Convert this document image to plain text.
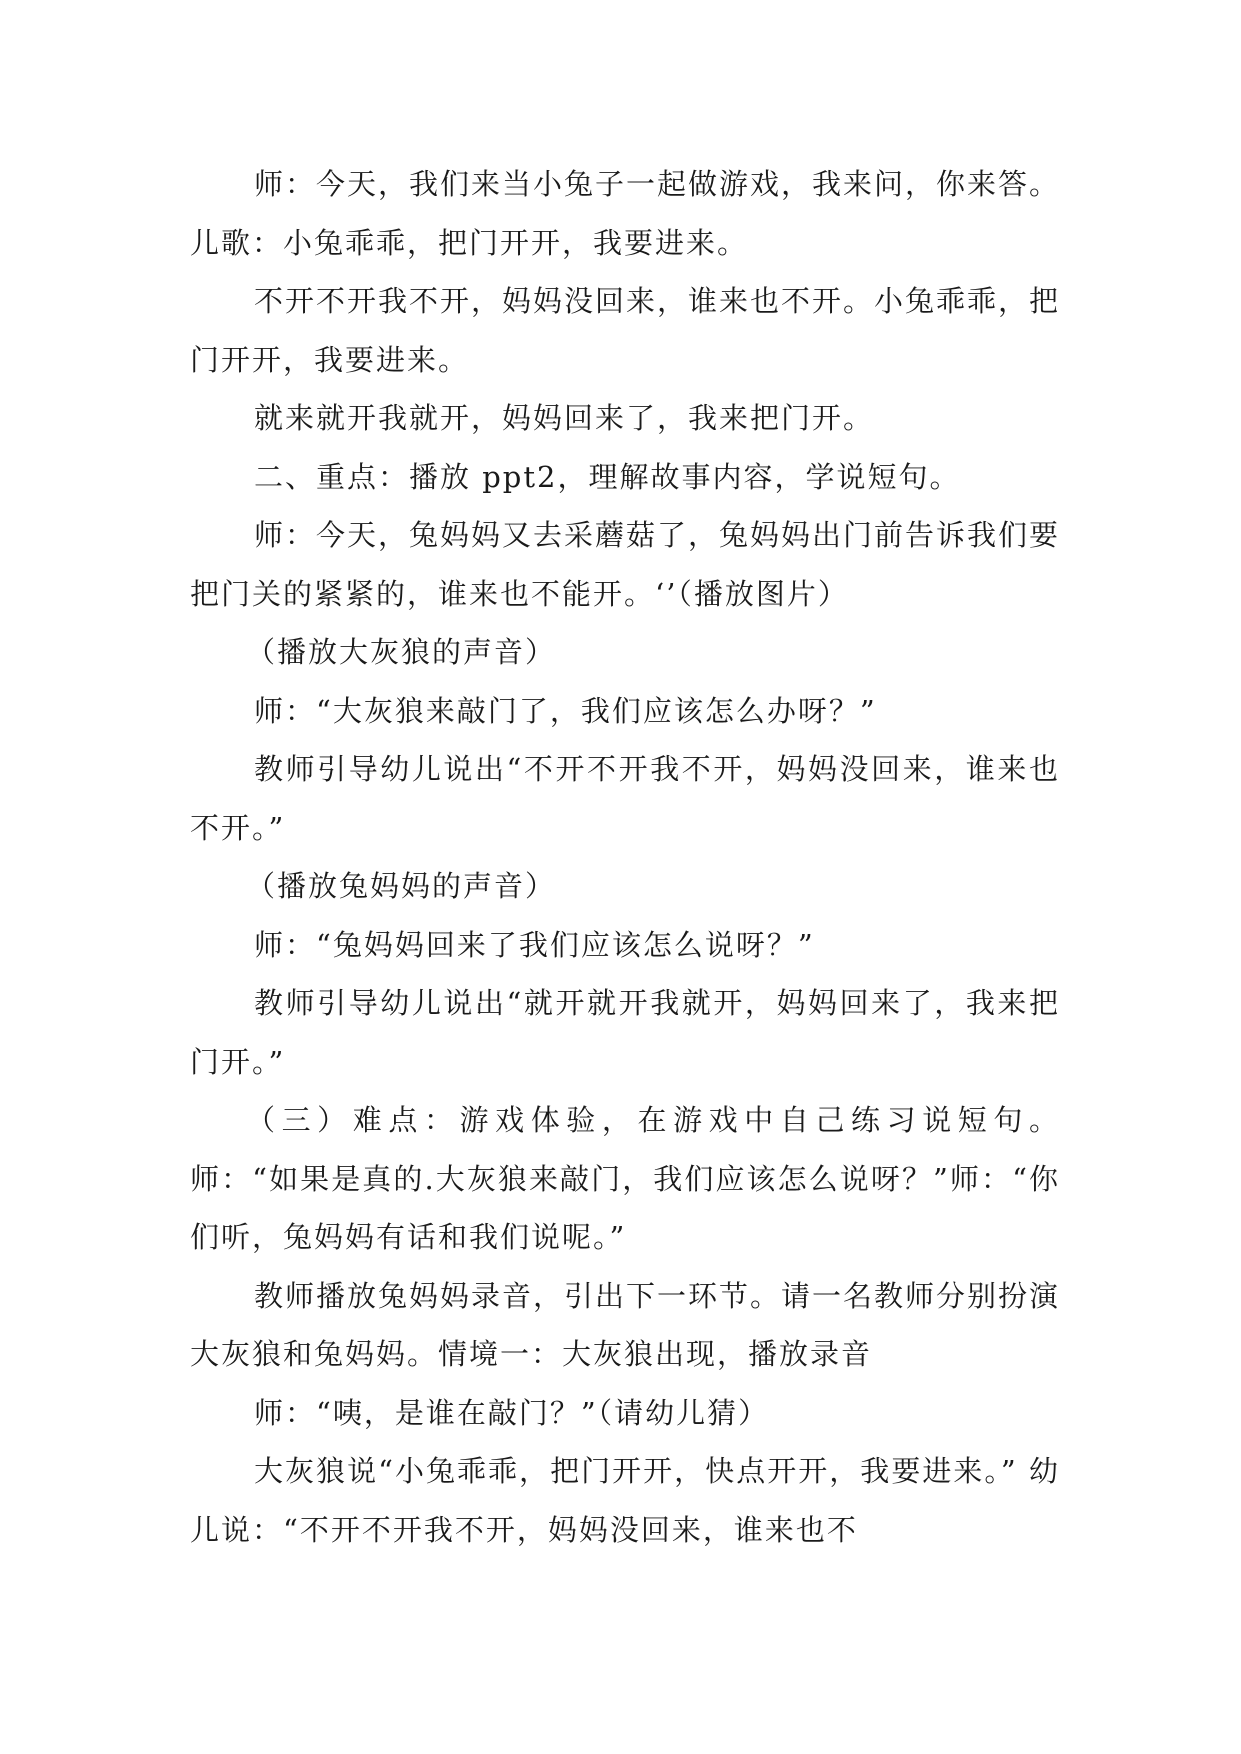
师：今天，我们来当小兔子一起做游戏，我来问，你来答。儿歌：小兔乖乖，把门开开，我要进来。

不开不开我不开，妈妈没回来，谁来也不开。小兔乖乖，把门开开，我要进来。

就来就开我就开，妈妈回来了，我来把门开。

二、重点：播放 ppt2，理解故事内容，学说短句。

师：今天，兔妈妈又去采蘑菇了，兔妈妈出门前告诉我们要把门关的紧紧的，谁来也不能开。‘’（播放图片）

（播放大灰狼的声音）

师：“大灰狼来敲门了，我们应该怎么办呀？”

教师引导幼儿说出“不开不开我不开，妈妈没回来，谁来也不开。”

（播放兔妈妈的声音）

师：“兔妈妈回来了我们应该怎么说呀？”

教师引导幼儿说出“就开就开我就开，妈妈回来了，我来把门开。”

（三）难点：游戏体验，在游戏中自己练习说短句。师：“如果是真的.大灰狼来敲门，我们应该怎么说呀？”师：“你们听，兔妈妈有话和我们说呢。”

教师播放兔妈妈录音，引出下一环节。请一名教师分别扮演大灰狼和兔妈妈。情境一：大灰狼出现，播放录音

师：“咦，是谁在敲门？”（请幼儿猜）

大灰狼说“小兔乖乖，把门开开，快点开开，我要进来。” 幼儿说：“不开不开我不开，妈妈没回来，谁来也不
